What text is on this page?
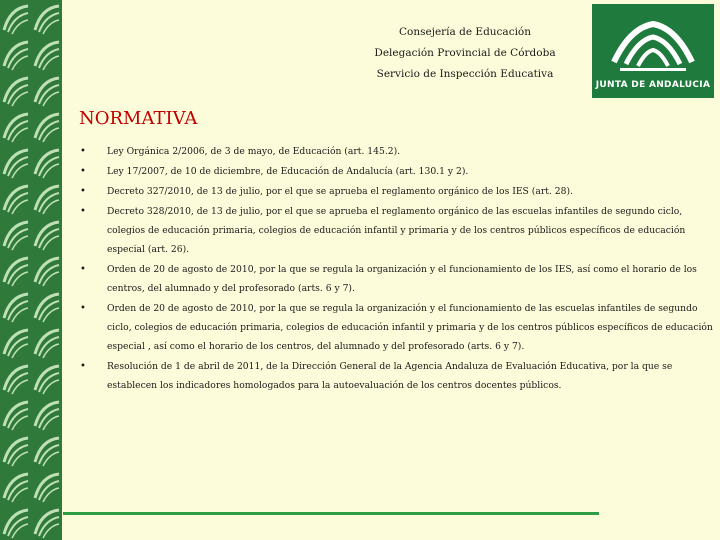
Consejería de Educación
Delegación Provincial de Córdoba
Servicio de Inspección Educativa
JUNTA DE ANDALUCIA
NORMATIVA
• Ley Orgánica 2/2006, de 3 de mayo, de Educación (art. 145.2).
• Ley 17/2007, de 10 de diciembre, de Educación de Andalucía (art. 130.1 y 2).
• Decreto 327/2010, de 13 de julio, por el que se aprueba el reglamento orgánico de los IES (art. 28).
• Decreto 328/2010, de 13 de julio, por el que se aprueba el reglamento orgánico de las escuelas infantiles de segundo ciclo, colegios de educación primaria, colegios de educación infantil y primaria y de los centros públicos específicos de educación especial (art. 26).
• Orden de 20 de agosto de 2010, por la que se regula la organización y el funcionamiento de los IES, así como el horario de los centros, del alumnado y del profesorado (arts. 6 y 7).
• Orden de 20 de agosto de 2010, por la que se regula la organización y el funcionamiento de las escuelas infantiles de segundo ciclo, colegios de educación primaria, colegios de educación infantil y primaria y de los centros públicos específicos de educación especial , así como el horario de los centros, del alumnado y del profesorado (arts. 6 y 7).
• Resolución de 1 de abril de 2011, de la Dirección General de la Agencia Andaluza de Evaluación Educativa, por la que se establecen los indicadores homologados para la autoevaluación de los centros docentes públicos.
